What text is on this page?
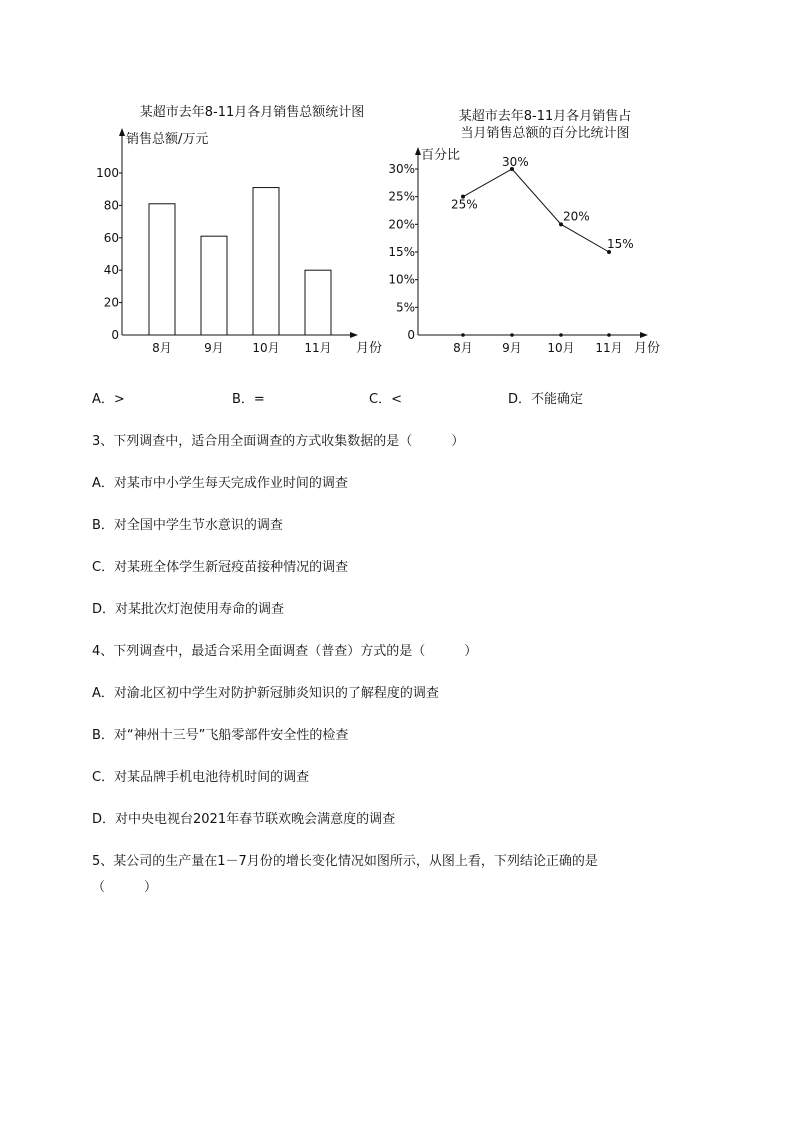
某超市去年8-11月各月销售总额统计图
销售总额/万元
月份
0
20
40
60
80
100
8月	9月 10月 11月
某超市去年8-11月各月销售占
当月销售总额的百分比统计图
百分比
月份
0
5%
10%
15%
20%
25%
30%
25%
30%
20%
15%
8月 9月 10月 11月
A．>	B．=	C．<	D．不能确定
3、下列调查中，适合用全面调查的方式收集数据的是（　　　）
A．对某市中小学生每天完成作业时间的调查
B．对全国中学生节水意识的调查
C．对某班全体学生新冠疫苗接种情况的调查
D．对某批次灯泡使用寿命的调查
4、下列调查中，最适合采用全面调查（普查）方式的是（　　　）
A．对渝北区初中学生对防护新冠肺炎知识的了解程度的调查
B．对“神州十三号”飞船零部件安全性的检查
C．对某品牌手机电池待机时间的调查
D．对中央电视台2021年春节联欢晚会满意度的调查
5、某公司的生产量在1－7月份的增长变化情况如图所示，从图上看，下列结论正确的是
（　　　）
